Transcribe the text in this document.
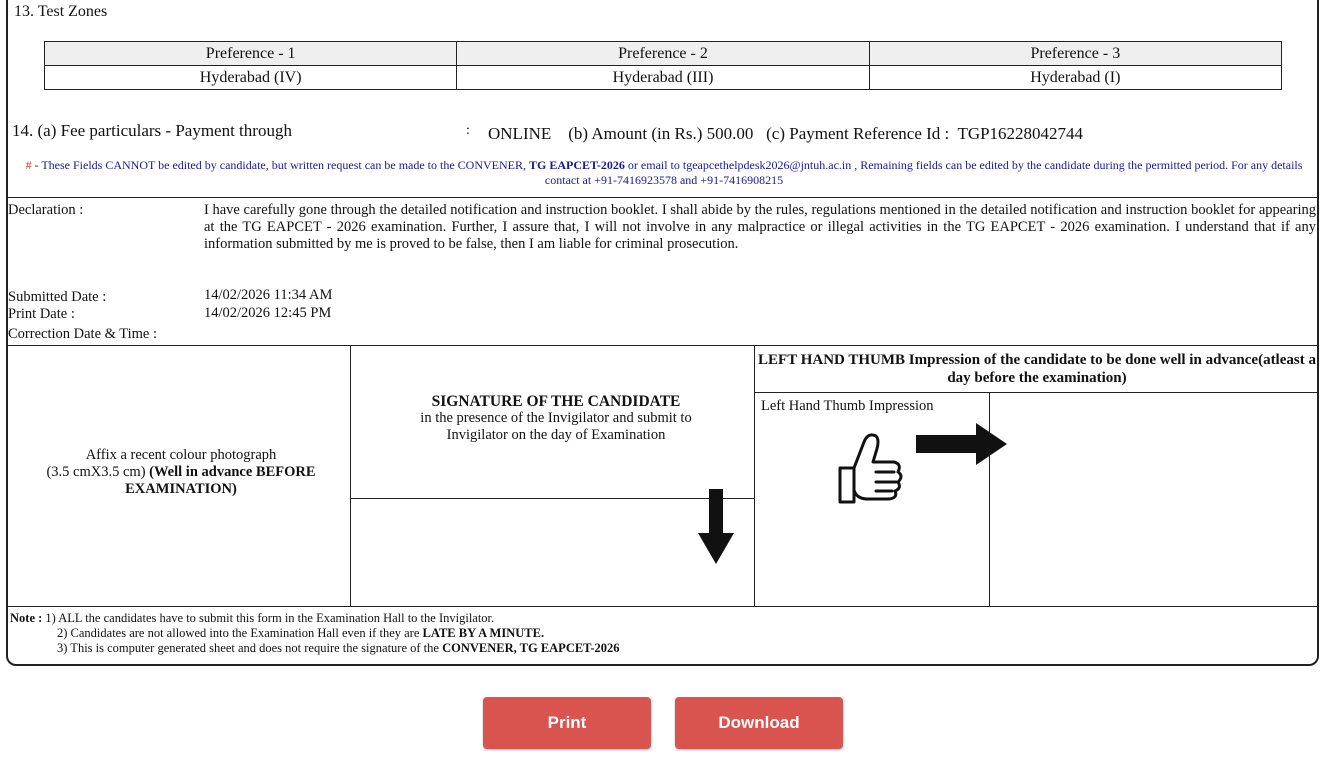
13. Test Zones
Preference - 1	Preference - 2	Preference - 3
Hyderabad (IV)	Hyderabad (III)	Hyderabad (I)
14. (a) Fee particulars - Payment through	: ONLINE    (b) Amount (in Rs.) 500.00   (c) Payment Reference Id :  TGP16228042744
# - These Fields CANNOT be edited by candidate, but written request can be made to the CONVENER, TG EAPCET-2026 or email to tgeapcethelpdesk2026@jntuh.ac.in , Remaining fields can be edited by the candidate during the permitted period. For any details contact at +91-7416923578 and +91-7416908215
Declaration :	I have carefully gone through the detailed notification and instruction booklet. I shall abide by the rules, regulations mentioned in the detailed notification and instruction booklet for appearing at the TG EAPCET - 2026 examination. Further, I assure that, I will not involve in any malpractice or illegal activities in the TG EAPCET - 2026 examination. I understand that if any information submitted by me is proved to be false, then I am liable for criminal prosecution.
Submitted Date :	14/02/2026 11:34 AM
Print Date :	14/02/2026 12:45 PM
Correction Date & Time :
Affix a recent colour photograph
(3.5 cmX3.5 cm) (Well in advance BEFORE EXAMINATION)
SIGNATURE OF THE CANDIDATE
in the presence of the Invigilator and submit to Invigilator on the day of Examination
LEFT HAND THUMB Impression of the candidate to be done well in advance(atleast a day before the examination)
Left Hand Thumb Impression
Note : 1) ALL the candidates have to submit this form in the Examination Hall to the Invigilator.
2) Candidates are not allowed into the Examination Hall even if they are LATE BY A MINUTE.
3) This is computer generated sheet and does not require the signature of the CONVENER, TG EAPCET-2026
Print	Download
